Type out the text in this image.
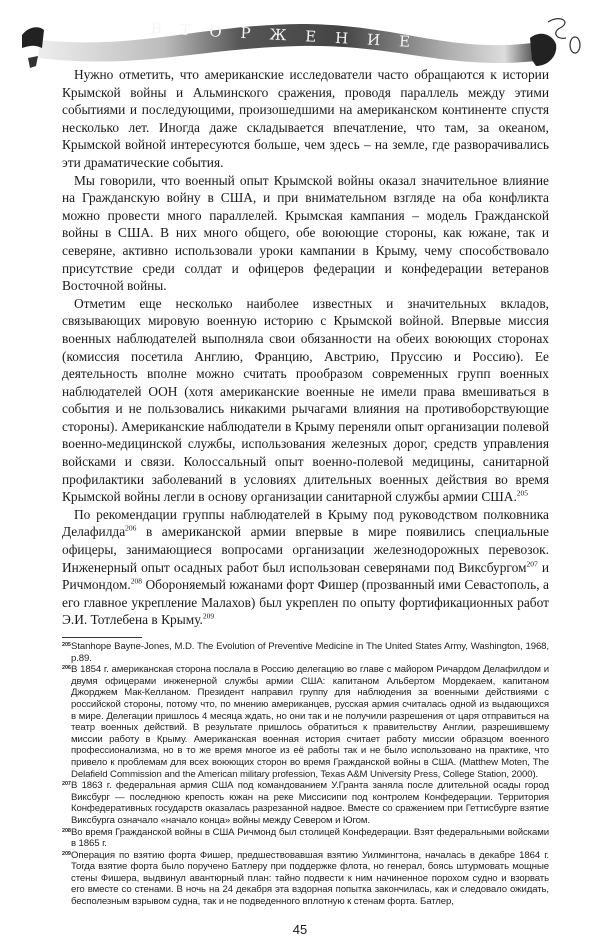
В Т О Р Ж Е Н И Е

Нужно отметить, что американские исследователи часто обращаются к истории Крымской войны и Альминского сражения, проводя параллель между этими событиями и последующими, произошедшими на американском континенте спустя несколько лет. Иногда даже складывается впечатление, что там, за океаном, Крымской войной интересуются больше, чем здесь – на земле, где разворачивались эти драматические события.

Мы говорили, что военный опыт Крымской войны оказал значительное влияние на Гражданскую войну в США, и при внимательном взгляде на оба конфликта можно провести много параллелей. Крымская кампания – модель Гражданской войны в США. В них много общего, обе воюющие стороны, как южане, так и северяне, активно использовали уроки кампании в Крыму, чему способствовало присутствие среди солдат и офицеров федерации и конфедерации ветеранов Восточной войны.

Отметим еще несколько наиболее известных и значительных вкладов, связывающих мировую военную историю с Крымской войной. Впервые миссия военных наблюдателей выполняла свои обязанности на обеих воюющих сторонах (комиссия посетила Англию, Францию, Австрию, Пруссию и Россию). Ее деятельность вполне можно считать прообразом современных групп военных наблюдателей ООН (хотя американские военные не имели права вмешиваться в события и не пользовались никакими рычагами влияния на противоборствующие стороны). Американские наблюдатели в Крыму переняли опыт организации полевой военно-медицинской службы, использования железных дорог, средств управления войсками и связи. Колоссальный опыт военно-полевой медицины, санитарной профилактики заболеваний в условиях длительных военных действия во время Крымской войны легли в основу организации санитарной службы армии США.$^{205}$

По рекомендации группы наблюдателей в Крыму под руководством полковника Делафилда$^{206}$ в американской армии впервые в мире появились специальные офицеры, занимающиеся вопросами организации железнодорожных перевозок. Инженерный опыт осадных работ был использован северянами под Виксбургом$^{207}$ и Ричмондом.$^{208}$ Обороняемый южанами форт Фишер (прозванный ими Севастополь, а его главное укрепление Малахов) был укреплен по опыту фортификационных работ Э.И. Тотлебена в Крыму.$^{209}$

205 Stanhope Bayne-Jones, M.D. The Evolution of Preventive Medicine in The United States Army, Washington, 1968, p.89.

206 В 1854 г. американская сторона послала в Россию делегацию во главе с майором Ричардом Делафилдом и двумя офицерами инженерной службы армии США: капитаном Альбертом Мордекаем, капитаном Джорджем Мак-Келланом. Президент направил группу для наблюдения за военными действиями с российской стороны, потому что, по мнению американцев, русская армия считалась одной из выдающихся в мире. Делегации пришлось 4 месяца ждать, но они так и не получили разрешения от царя отправиться на театр военных действий. В результате пришлось обратиться к правительству Англии, разрешившему миссии работу в Крыму. Американская военная история считает работу миссии образцом военного профессионализма, но в то же время многое из её работы так и не было использовано на практике, что привело к проблемам для всех воюющих сторон во время Гражданской войны в США. (Matthew Moten, The Delafield Commission and the American military profession, Texas A&M University Press, College Station, 2000).

207 В 1863 г. федеральная армия США под командованием У.Гранта заняла после длительной осады город Виксбург — последнюю крепость южан на реке Миссисипи под контролем Конфедерации. Территория Конфедеративных государств оказалась разрезанной надвое. Вместе со сражением при Геттисбурге взятие Виксбурга означало «начало конца» войны между Севером и Югом.

208 Во время Гражданской войны в США Ричмонд был столицей Конфедерации. Взят федеральными войсками в 1865 г.

209 Операция по взятию форта Фишер, предшествовавшая взятию Уилмингтона, началась в декабре 1864 г. Тогда взятие форта было поручено Батлеру при поддержке флота, но генерал, боясь штурмовать мощные стены Фишера, выдвинул авантюрный план: тайно подвести к ним начиненное порохом судно и взорвать его вместе со стенами. В ночь на 24 декабря эта вздорная попытка закончилась, как и следовало ожидать, бесполезным взрывом судна, так и не подведенного вплотную к стенам форта. Батлер,

45
